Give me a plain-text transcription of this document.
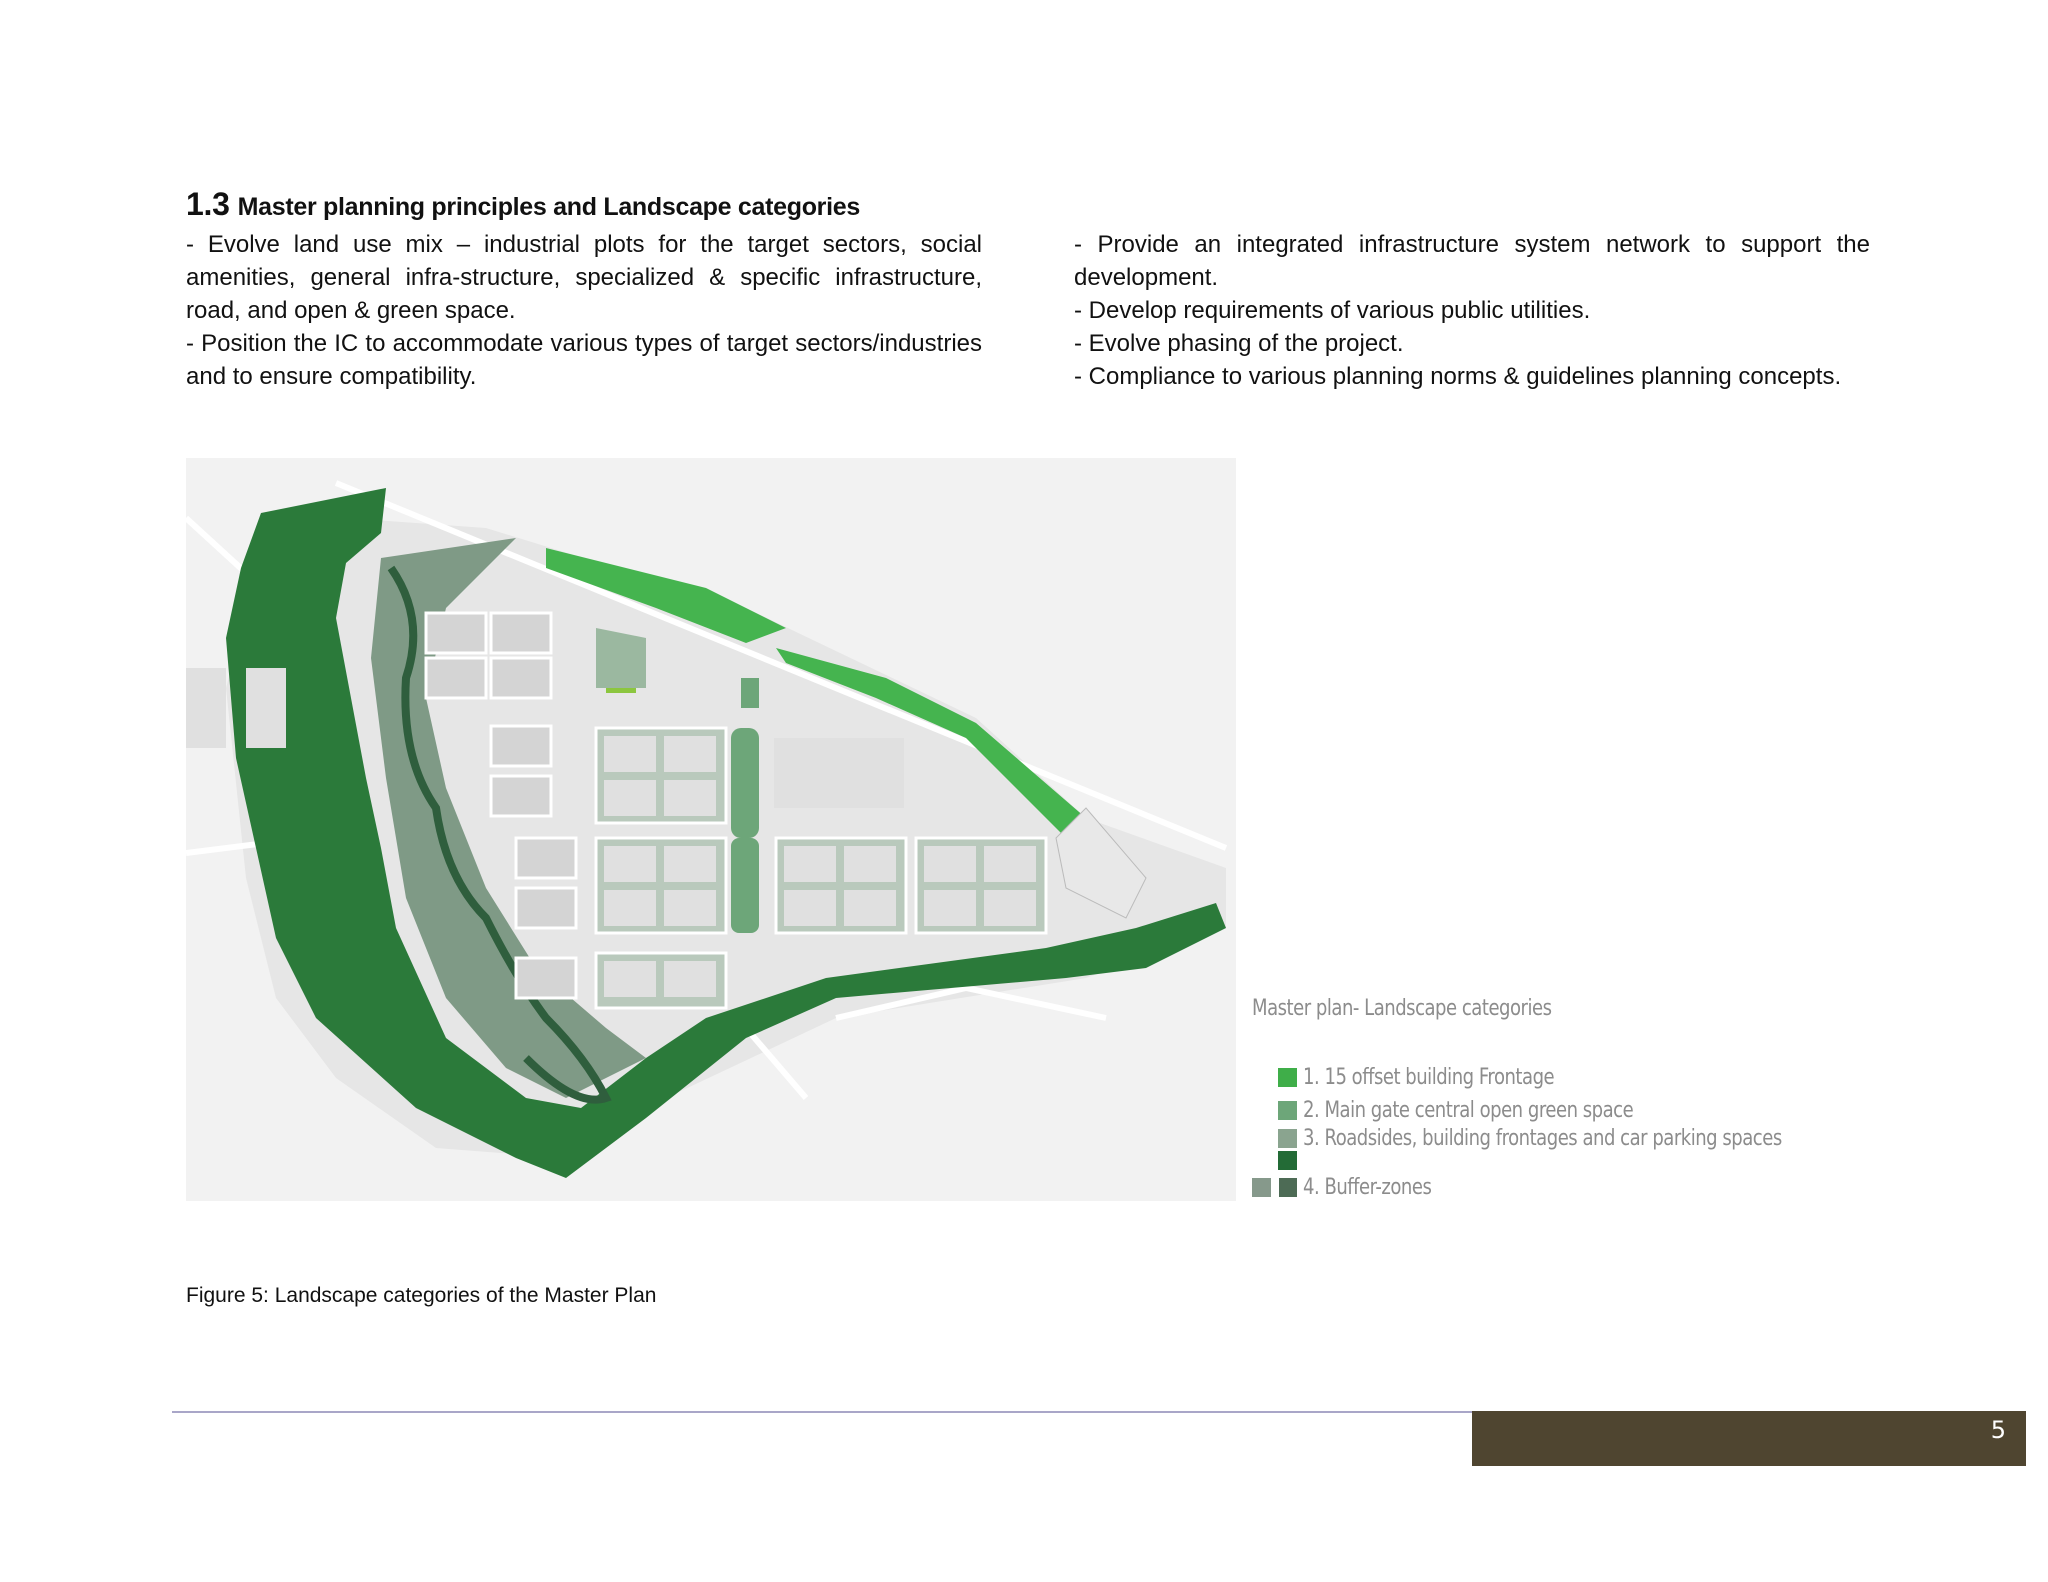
1.3 Master planning principles and Landscape categories

- Evolve land use mix – industrial plots for the target sectors, social amenities, general infra-structure, specialized & specific infrastructure, road, and open & green space.

- Position the IC to accommodate various types of target sectors/industries and to ensure compatibility.

- Provide an integrated infrastructure system network to support the development.

- Develop requirements of various public utilities.

- Evolve phasing of the project.

- Compliance to various planning norms & guidelines planning concepts.

Master plan- Landscape categories
1. 15 offset building Frontage
2. Main gate central open green space
3. Roadsides, building frontages and car parking spaces
4. Buffer-zones
Figure 5: Landscape categories of the Master Plan
5
